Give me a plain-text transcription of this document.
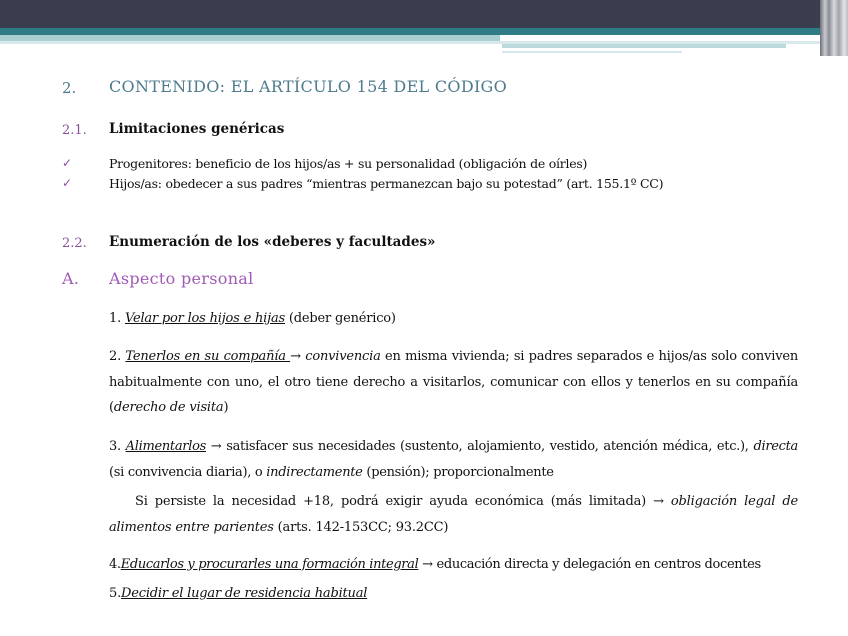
2. CONTENIDO: EL ARTÍCULO 154 DEL CÓDIGO
2.1. Limitaciones genéricas
✓	Progenitores: beneficio de los hijos/as + su personalidad (obligación de oírles)
✓	Hijos/as: obedecer a sus padres “mientras permanezcan bajo su potestad” (art. 155.1º CC)
2.2. Enumeración de los «deberes y facultades»
A. Aspecto personal
1. Velar por los hijos e hijas (deber genérico)
2. Tenerlos en su compañía → convivencia en misma vivienda; si padres separados e hijos/as solo conviven habitualmente con uno, el otro tiene derecho a visitarlos, comunicar con ellos y tenerlos en su compañía (derecho de visita)
3. Alimentarlos → satisfacer sus necesidades (sustento, alojamiento, vestido, atención médica, etc.), directa (si convivencia diaria), o indirectamente (pensión); proporcionalmente
Si persiste la necesidad +18, podrá exigir ayuda económica (más limitada) → obligación legal de alimentos entre parientes (arts. 142-153CC; 93.2CC)
4.Educarlos y procurarles una formación integral → educación directa y delegación en centros docentes
5.Decidir el lugar de residencia habitual
